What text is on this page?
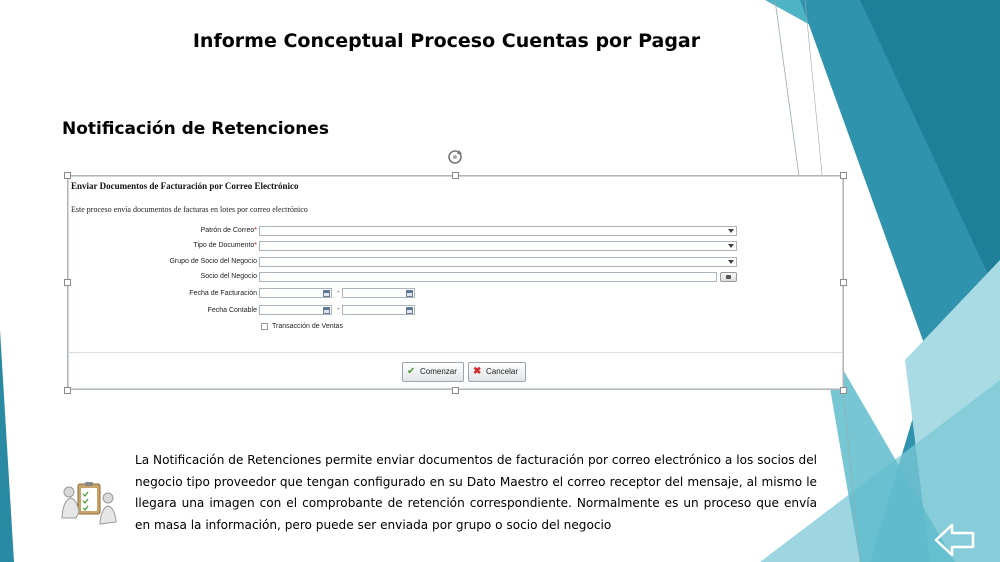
Informe Conceptual Proceso Cuentas por Pagar
Notificación de Retenciones
Enviar Documentos de Facturación por Correo Electrónico
Este proceso envía documentos de facturas en lotes por correo electrónico
Patrón de Correo*
Tipo de Documento*
Grupo de Socio del Negocio
Socio del Negocio
Fecha de Facturación	-
Fecha Contable	-
Transacción de Ventas
✔ Comenzar	✖ Cancelar
La Notificación de Retenciones permite enviar documentos de facturación por correo electrónico a los socios del negocio tipo proveedor que tengan configurado en su Dato Maestro el correo receptor del mensaje, al mismo le llegara una imagen con el comprobante de retención correspondiente. Normalmente es un proceso que envía en masa la información, pero puede ser enviada por grupo o socio del negocio
